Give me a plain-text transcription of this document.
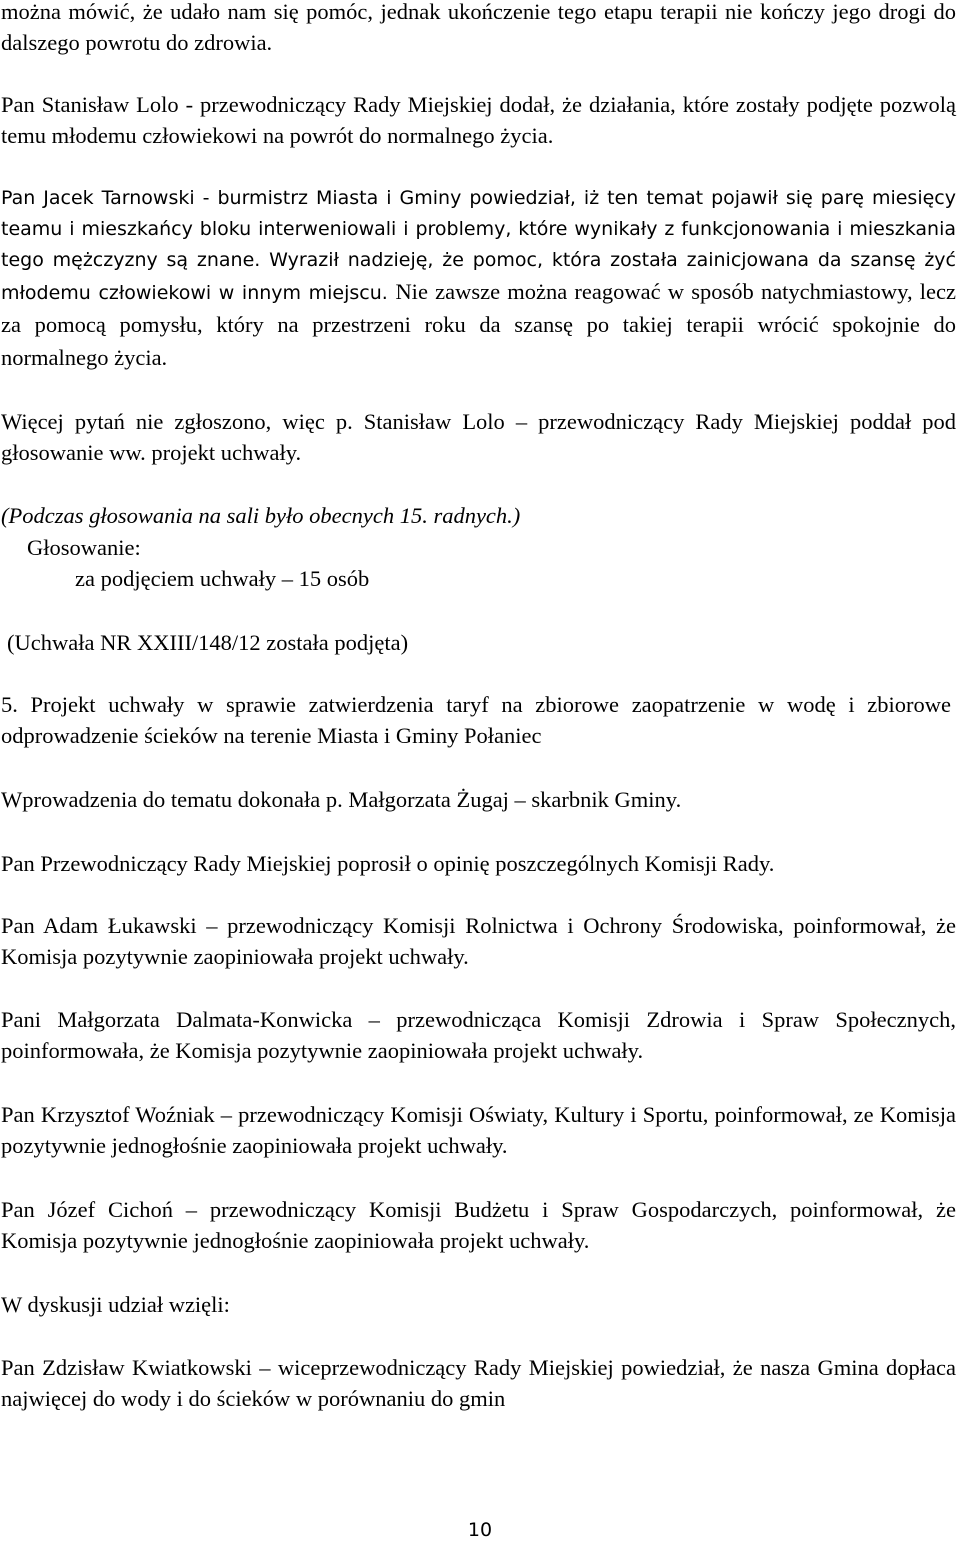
można mówić, że udało nam się pomóc, jednak ukończenie tego etapu terapii nie kończy jego drogi do dalszego powrotu do zdrowia.

Pan Stanisław Lolo - przewodniczący Rady Miejskiej dodał, że działania, które zostały podjęte pozwolą temu młodemu człowiekowi na powrót do normalnego życia.

Pan Jacek Tarnowski - burmistrz Miasta i Gminy powiedział, iż ten temat pojawił się parę miesięcy teamu i mieszkańcy bloku interweniowali i problemy, które wynikały z funkcjonowania i mieszkania tego mężczyzny są znane. Wyraził nadzieję, że pomoc, która została zainicjowana da szansę żyć młodemu człowiekowi w innym miejscu. Nie zawsze można reagować w sposób natychmiastowy, lecz za pomocą pomysłu, który na przestrzeni roku da szansę po takiej terapii wrócić spokojnie do normalnego życia.

Więcej pytań nie zgłoszono, więc p. Stanisław Lolo – przewodniczący Rady Miejskiej poddał pod głosowanie ww. projekt uchwały.

(Podczas głosowania na sali było obecnych 15. radnych.)

Głosowanie:

za podjęciem uchwały – 15 osób

(Uchwała NR XXIII/148/12 została podjęta)

5. Projekt uchwały w sprawie zatwierdzenia taryf na zbiorowe zaopatrzenie w wodę i zbiorowe odprowadzenie ścieków na terenie Miasta i Gminy Połaniec

Wprowadzenia do tematu dokonała p. Małgorzata Żugaj – skarbnik Gminy.

Pan Przewodniczący Rady Miejskiej poprosił o opinię poszczególnych Komisji Rady.

Pan Adam Łukawski – przewodniczący Komisji Rolnictwa i Ochrony Środowiska, poinformował, że Komisja pozytywnie zaopiniowała projekt uchwały.

Pani Małgorzata Dalmata-Konwicka – przewodnicząca Komisji Zdrowia i Spraw Społecznych, poinformowała, że Komisja pozytywnie zaopiniowała projekt uchwały.

Pan Krzysztof Woźniak – przewodniczący Komisji Oświaty, Kultury i Sportu, poinformował, ze Komisja pozytywnie jednogłośnie zaopiniowała projekt uchwały.

Pan Józef Cichoń – przewodniczący Komisji Budżetu i Spraw Gospodarczych, poinformował, że Komisja pozytywnie jednogłośnie zaopiniowała projekt uchwały.

W dyskusji udział wzięli:

Pan Zdzisław Kwiatkowski – wiceprzewodniczący Rady Miejskiej powiedział, że nasza Gmina dopłaca najwięcej do wody i do ścieków w porównaniu do gmin

10
